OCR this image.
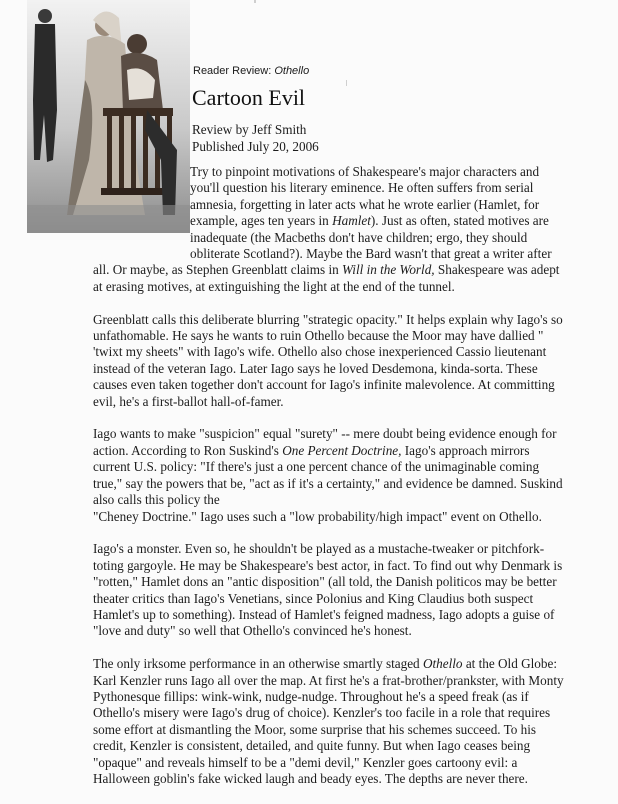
Reader Review: Othello
Cartoon Evil
Review by Jeff Smith
Published July 20, 2006

Try to pinpoint motivations of Shakespeare's major characters and
you'll question his literary eminence. He often suffers from serial
amnesia, forgetting in later acts what he wrote earlier (Hamlet, for
example, ages ten years in Hamlet). Just as often, stated motives are
inadequate (the Macbeths don't have children; ergo, they should
obliterate Scotland?). Maybe the Bard wasn't that great a writer after
all. Or maybe, as Stephen Greenblatt claims in Will in the World, Shakespeare was adept
at erasing motives, at extinguishing the light at the end of the tunnel.

Greenblatt calls this deliberate blurring "strategic opacity." It helps explain why Iago's so
unfathomable. He says he wants to ruin Othello because the Moor may have dallied "
'twixt my sheets" with Iago's wife. Othello also chose inexperienced Cassio lieutenant
instead of the veteran Iago. Later Iago says he loved Desdemona, kinda-sorta. These
causes even taken together don't account for Iago's infinite malevolence. At committing
evil, he's a first-ballot hall-of-famer.

Iago wants to make "suspicion" equal "surety" -- mere doubt being evidence enough for
action. According to Ron Suskind's One Percent Doctrine, Iago's approach mirrors
current U.S. policy: "If there's just a one percent chance of the unimaginable coming
true," say the powers that be, "act as if it's a certainty," and evidence be damned. Suskind
also calls this policy the
"Cheney Doctrine." Iago uses such a "low probability/high impact" event on Othello.

Iago's a monster. Even so, he shouldn't be played as a mustache-tweaker or pitchfork-
toting gargoyle. He may be Shakespeare's best actor, in fact. To find out why Denmark is
"rotten," Hamlet dons an "antic disposition" (all told, the Danish politicos may be better
theater critics than Iago's Venetians, since Polonius and King Claudius both suspect
Hamlet's up to something). Instead of Hamlet's feigned madness, Iago adopts a guise of
"love and duty" so well that Othello's convinced he's honest.

The only irksome performance in an otherwise smartly staged Othello at the Old Globe:
Karl Kenzler runs Iago all over the map. At first he's a frat-brother/prankster, with Monty
Pythonesque fillips: wink-wink, nudge-nudge. Throughout he's a speed freak (as if
Othello's misery were Iago's drug of choice). Kenzler's too facile in a role that requires
some effort at dismantling the Moor, some surprise that his schemes succeed. To his
credit, Kenzler is consistent, detailed, and quite funny. But when Iago ceases being
"opaque" and reveals himself to be a "demi devil," Kenzler goes cartoony evil: a
Halloween goblin's fake wicked laugh and beady eyes. The depths are never there.
